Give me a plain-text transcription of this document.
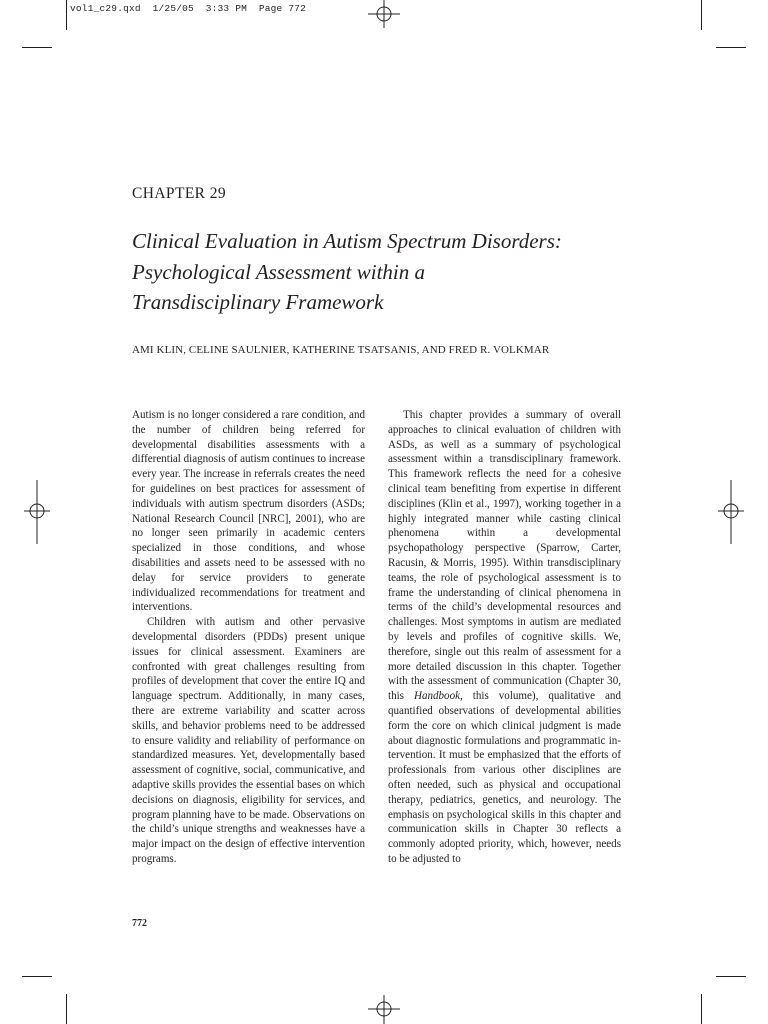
vol1_c29.qxd  1/25/05  3:33 PM  Page 772
CHAPTER 29
Clinical Evaluation in Autism Spectrum Disorders:
Psychological Assessment within a
Transdisciplinary Framework
AMI KLIN, CELINE SAULNIER, KATHERINE TSATSANIS, AND FRED R. VOLKMAR

Autism is no longer considered a rare condition, and the number of children being referred for developmental disabilities assessments with a differential diagnosis of autism continues to increase every year. The increase in referrals creates the need for guidelines on best practices for assessment of individuals with autism spectrum disorders (ASDs; National Research Council [NRC], 2001), who are no longer seen primarily in academic centers specialized in those conditions, and whose disabilities and assets need to be assessed with no delay for service providers to generate individualized recommendations for treatment and interventions.

Children with autism and other pervasive developmental disorders (PDDs) present unique issues for clinical assessment. Examiners are confronted with great challenges resulting from profiles of development that cover the entire IQ and language spectrum. Additionally, in many cases, there are extreme variability and scatter across skills, and behavior problems need to be addressed to ensure validity and reliability of performance on standardized measures. Yet, developmentally based assessment of cognitive, social, communicative, and adaptive skills provides the essential bases on which decisions on diagnosis, eligibility for services, and program planning have to be made. Observations on the child’s unique strengths and weaknesses have a major impact on the design of effective intervention programs.

This chapter provides a summary of overall approaches to clinical evaluation of children with ASDs, as well as a summary of psychological assessment within a transdisciplinary framework. This framework reflects the need for a cohesive clinical team benefiting from expertise in different disciplines (Klin et al., 1997), working together in a highly integrated manner while casting clinical phenomena within a developmental psychopathology perspective (Sparrow, Carter, Racusin, & Morris, 1995). Within transdisciplinary teams, the role of psychological assessment is to frame the understanding of clinical phenomena in terms of the child’s developmental resources and challenges. Most symptoms in autism are mediated by levels and profiles of cognitive skills. We, therefore, single out this realm of assessment for a more detailed discussion in this chapter. Together with the assessment of communication (Chapter 30, this Handbook, this volume), qualitative and quantified observations of developmental abilities form the core on which clinical judgment is made about diagnostic formulations and programmatic intervention. It must be emphasized that the efforts of professionals from various other disciplines are often needed, such as physical and occupational therapy, pediatrics, genetics, and neurology. The emphasis on psychological skills in this chapter and communication skills in Chapter 30 reflects a commonly adopted priority, which, however, needs to be adjusted to

772
